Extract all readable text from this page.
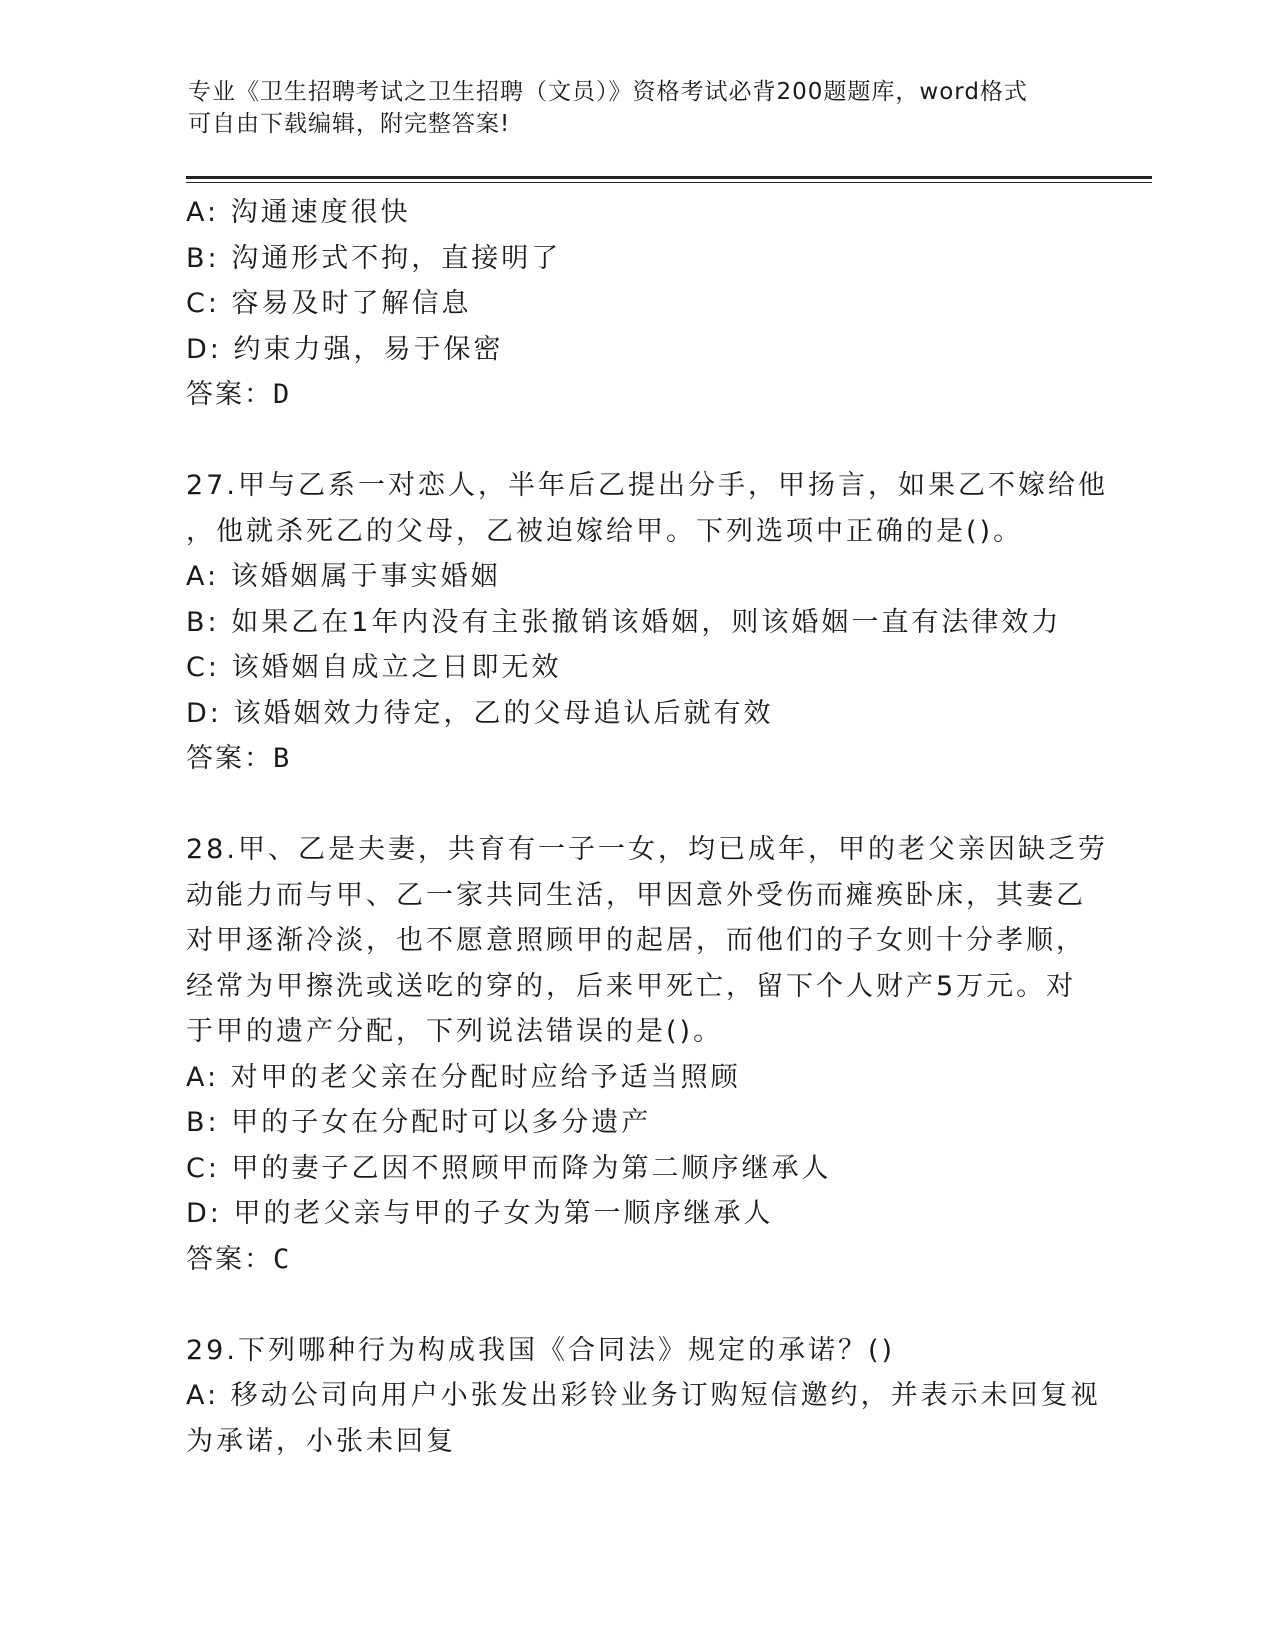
专业《卫生招聘考试之卫生招聘（文员）》资格考试必背200题题库，word格式
可自由下载编辑，附完整答案!
A: 沟通速度很快
B: 沟通形式不拘，直接明了
C: 容易及时了解信息
D: 约束力强，易于保密
答案：D
27.甲与乙系一对恋人，半年后乙提出分手，甲扬言，如果乙不嫁给他
，他就杀死乙的父母，乙被迫嫁给甲。下列选项中正确的是()。
A: 该婚姻属于事实婚姻
B: 如果乙在1年内没有主张撤销该婚姻，则该婚姻一直有法律效力
C: 该婚姻自成立之日即无效
D: 该婚姻效力待定，乙的父母追认后就有效
答案：B
28.甲、乙是夫妻，共育有一子一女，均已成年，甲的老父亲因缺乏劳
动能力而与甲、乙一家共同生活，甲因意外受伤而瘫痪卧床，其妻乙
对甲逐渐冷淡，也不愿意照顾甲的起居，而他们的子女则十分孝顺，
经常为甲擦洗或送吃的穿的，后来甲死亡，留下个人财产5万元。对
于甲的遗产分配，下列说法错误的是()。
A: 对甲的老父亲在分配时应给予适当照顾
B: 甲的子女在分配时可以多分遗产
C: 甲的妻子乙因不照顾甲而降为第二顺序继承人
D: 甲的老父亲与甲的子女为第一顺序继承人
答案：C
29.下列哪种行为构成我国《合同法》规定的承诺？()
A: 移动公司向用户小张发出彩铃业务订购短信邀约，并表示未回复视
为承诺，小张未回复
